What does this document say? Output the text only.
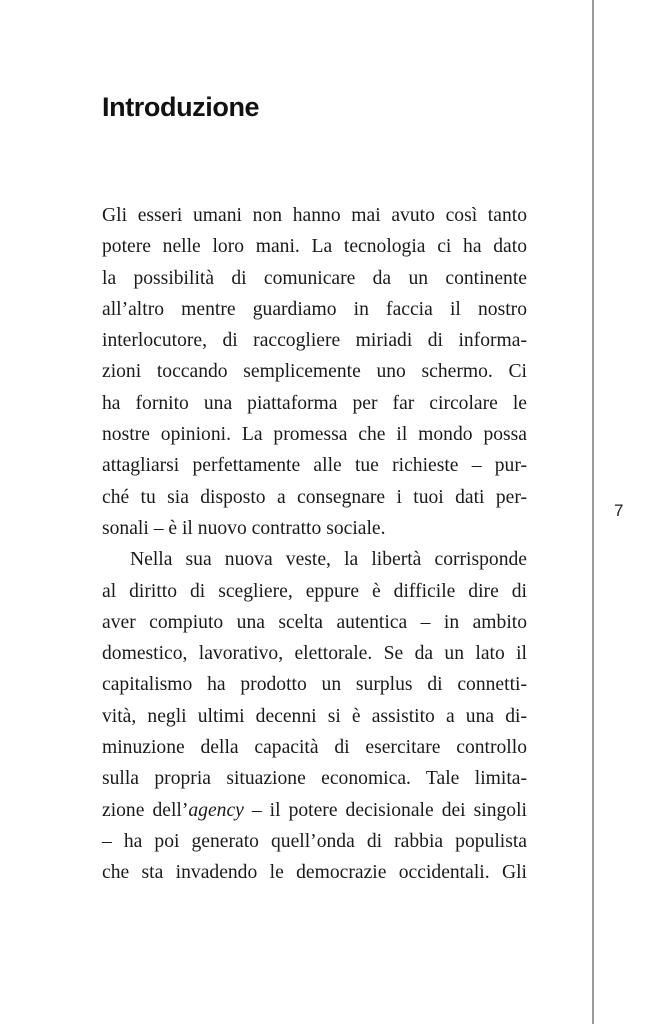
Introduzione
Gli esseri umani non hanno mai avuto così tanto
potere nelle loro mani. La tecnologia ci ha dato
la possibilità di comunicare da un continente
all’altro mentre guardiamo in faccia il nostro
interlocutore, di raccogliere miriadi di informa-
zioni toccando semplicemente uno schermo. Ci
ha fornito una piattaforma per far circolare le
nostre opinioni. La promessa che il mondo possa
attagliarsi perfettamente alle tue richieste – pur-
ché tu sia disposto a consegnare i tuoi dati per-
sonali – è il nuovo contratto sociale.
Nella sua nuova veste, la libertà corrisponde
al diritto di scegliere, eppure è difficile dire di
aver compiuto una scelta autentica – in ambito
domestico, lavorativo, elettorale. Se da un lato il
capitalismo ha prodotto un surplus di connetti-
vità, negli ultimi decenni si è assistito a una di-
minuzione della capacità di esercitare controllo
sulla propria situazione economica. Tale limita-
zione dell’agency – il potere decisionale dei singoli
– ha poi generato quell’onda di rabbia populista
che sta invadendo le democrazie occidentali. Gli
7
